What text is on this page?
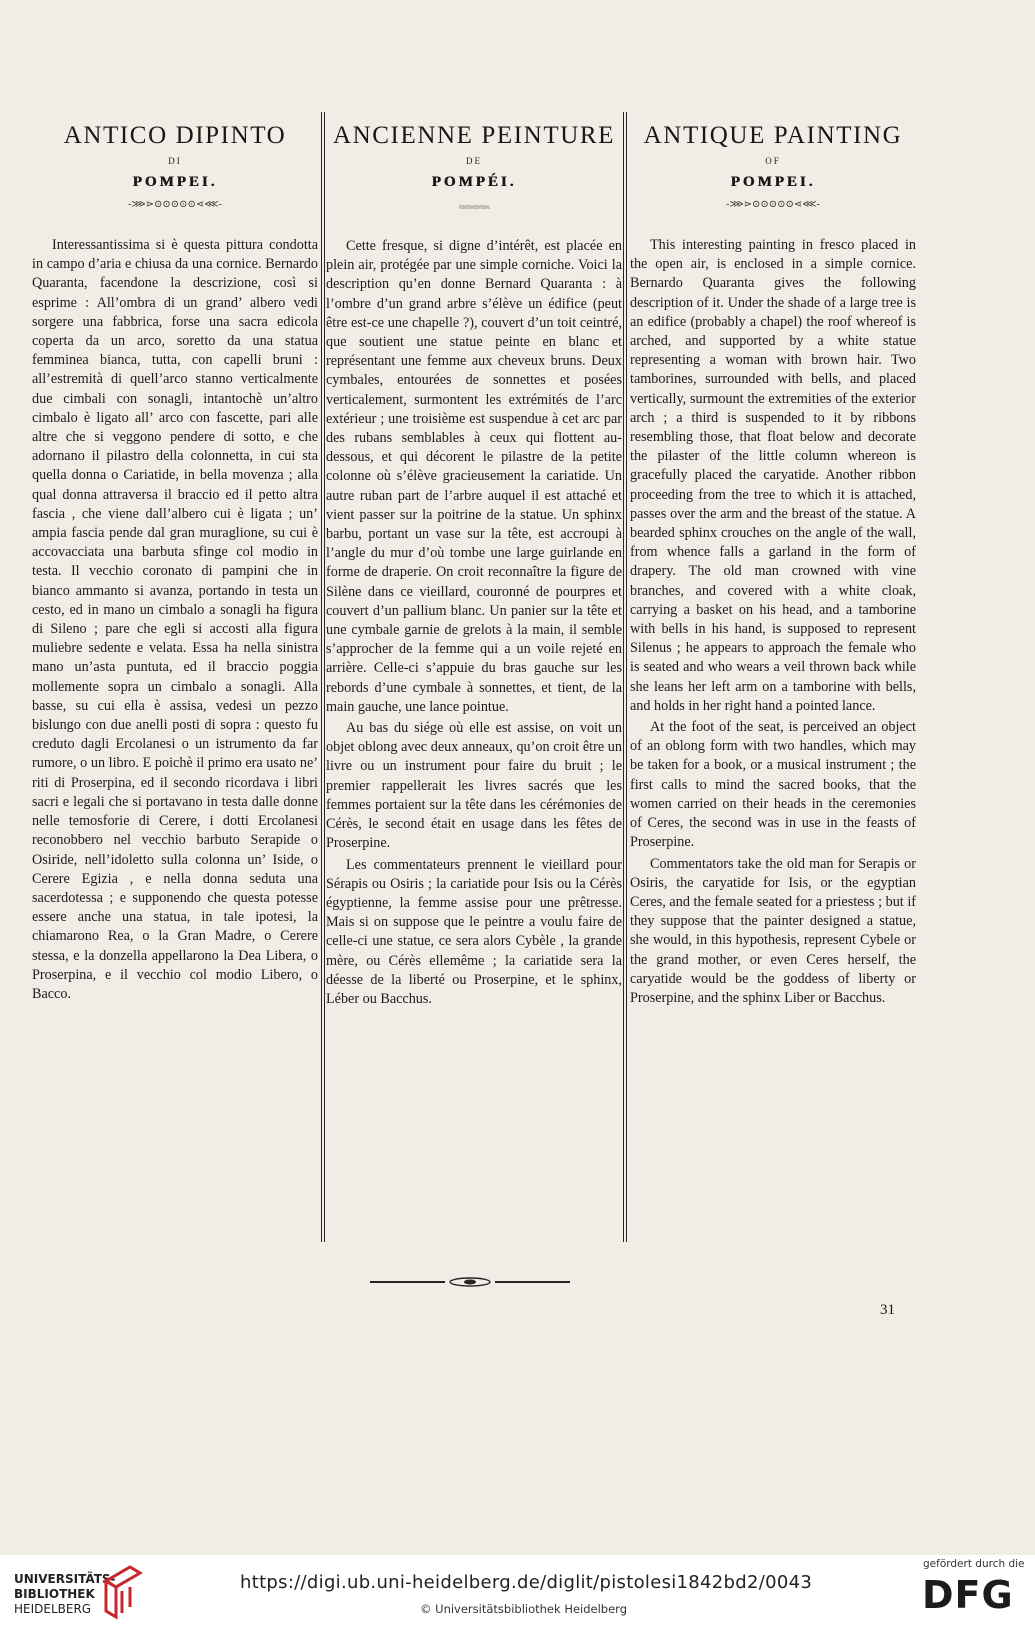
ANTICO DIPINTO
DI
POMPEI.
-⋙⋗⊙⊙⊙⊙⊙⋖⋘-

Interessantissima si è questa pittura condotta in campo d’aria e chiusa da una cornice. Bernardo Quaranta, facendone la descrizione, così si esprime : All’ombra di un grand’ albero vedi sorgere una fabbrica, forse una sacra edicola coperta da un arco, soretto da una statua femminea bianca, tutta, con capelli bruni : all’estremità di quell’arco stanno verticalmente due cimbali con sonagli, intantochè un’altro cimbalo è ligato all’ arco con fascette, pari alle altre che si veggono pendere di sotto, e che adornano il pilastro della colonnetta, in cui sta quella donna o Cariatide, in bella movenza ; alla qual donna attraversa il braccio ed il petto altra fascia , che viene dall’albero cui è ligata ; un’ ampia fascia pende dal gran muraglione, su cui è accovacciata una barbuta sfinge col modio in testa. Il vecchio coronato di pampini che in bianco ammanto si avanza, portando in testa un cesto, ed in mano un cimbalo a sonagli ha figura di Sileno ; pare che egli si accosti alla figura muliebre sedente e velata. Essa ha nella sinistra mano un’asta puntuta, ed il braccio poggia mollemente sopra un cimbalo a sonagli. Alla basse, su cui ella è assisa, vedesi un pezzo bislungo con due anelli posti di sopra : questo fu creduto dagli Ercolanesi o un istrumento da far rumore, o un libro. E poichè il primo era usato ne’ riti di Proserpina, ed il secondo ricordava i libri sacri e legali che si portavano in testa dalle donne nelle temosforie di Cerere, i dotti Ercolanesi reconobbero nel vecchio barbuto Serapide o Osiride, nell’idoletto sulla colonna un’ Iside, o Cerere Egizia , e nella donna seduta una sacerdotessa ; e supponendo che questa potesse essere anche una statua, in tale ipotesi, la chiamarono Rea, o la Gran Madre, o Cerere stessa, e la donzella appellarono la Dea Libera, o Proserpina, e il vecchio col modio Libero, o Bacco.

ANCIENNE PEINTURE
DE
POMPÉI.
\\\\\\\\\\\\\\\\\\\\\\\\\\

Cette fresque, si digne d’intérêt, est placée en plein air, protégée par une simple corniche. Voici la description qu’en donne Bernard Quaranta : à l’ombre d’un grand arbre s’élève un édifice (peut être est-ce une chapelle ?), couvert d’un toit ceintré, que soutient une statue peinte en blanc et représentant une femme aux cheveux bruns. Deux cymbales, entourées de sonnettes et posées verticalement, surmontent les extrémités de l’arc extérieur ; une troisième est suspendue à cet arc par des rubans semblables à ceux qui flottent au-dessous, et qui décorent le pilastre de la petite colonne où s’élève gracieusement la cariatide. Un autre ruban part de l’arbre auquel il est attaché et vient passer sur la poitrine de la statue. Un sphinx barbu, portant un vase sur la tête, est accroupi à l’angle du mur d’où tombe une large guirlande en forme de draperie. On croit reconnaître la figure de Silène dans ce vieillard, couronné de pourpres et couvert d’un pallium blanc. Un panier sur la tête et une cymbale garnie de grelots à la main, il semble s’approcher de la femme qui a un voile rejeté en arrière. Celle-ci s’appuie du bras gauche sur les rebords d’une cymbale à sonnettes, et tient, de la main gauche, une lance pointue.

Au bas du siége où elle est assise, on voit un objet oblong avec deux anneaux, qu’on croit être un livre ou un instrument pour faire du bruit ; le premier rappellerait les livres sacrés que les femmes portaient sur la tête dans les cérémonies de Cérès, le second était en usage dans les fêtes de Proserpine.

Les commentateurs prennent le vieillard pour Sérapis ou Osiris ; la cariatide pour Isis ou la Cérès égyptienne, la femme assise pour une prêtresse. Mais si on suppose que le peintre a voulu faire de celle-ci une statue, ce sera alors Cybèle , la grande mère, ou Cérès ellemême ; la cariatide sera la déesse de la liberté ou Proserpine, et le sphinx, Léber ou Bacchus.

ANTIQUE PAINTING
OF
POMPEI.
-⋙⋗⊙⊙⊙⊙⊙⋖⋘-

This interesting painting in fresco placed in the open air, is enclosed in a simple cornice. Bernardo Quaranta gives the following description of it. Under the shade of a large tree is an edifice (probably a chapel) the roof whereof is arched, and supported by a white statue representing a woman with brown hair. Two tamborines, surrounded with bells, and placed vertically, surmount the extremities of the exterior arch ; a third is suspended to it by ribbons resembling those, that float below and decorate the pilaster of the little column whereon is gracefully placed the caryatide. Another ribbon proceeding from the tree to which it is attached, passes over the arm and the breast of the statue. A bearded sphinx crouches on the angle of the wall, from whence falls a garland in the form of drapery. The old man crowned with vine branches, and covered with a white cloak, carrying a basket on his head, and a tamborine with bells in his hand, is supposed to represent Silenus ; he appears to approach the female who is seated and who wears a veil thrown back while she leans her left arm on a tamborine with bells, and holds in her right hand a pointed lance.

At the foot of the seat, is perceived an object of an oblong form with two handles, which may be taken for a book, or a musical instrument ; the first calls to mind the sacred books, that the women carried on their heads in the ceremonies of Ceres, the second was in use in the feasts of Proserpine.

Commentators take the old man for Serapis or Osiris, the caryatide for Isis, or the egyptian Ceres, and the female seated for a priestess ; but if they suppose that the painter designed a statue, she would, in this hypothesis, represent Cybele or the grand mother, or even Ceres herself, the caryatide would be the goddess of liberty or Proserpine, and the sphinx Liber or Bacchus.

31
UNIVERSITÄTS-
BIBLIOTHEK
HEIDELBERG
https://digi.ub.uni-heidelberg.de/diglit/pistolesi1842bd2/0043
© Universitätsbibliothek Heidelberg
gefördert durch die
DFG
